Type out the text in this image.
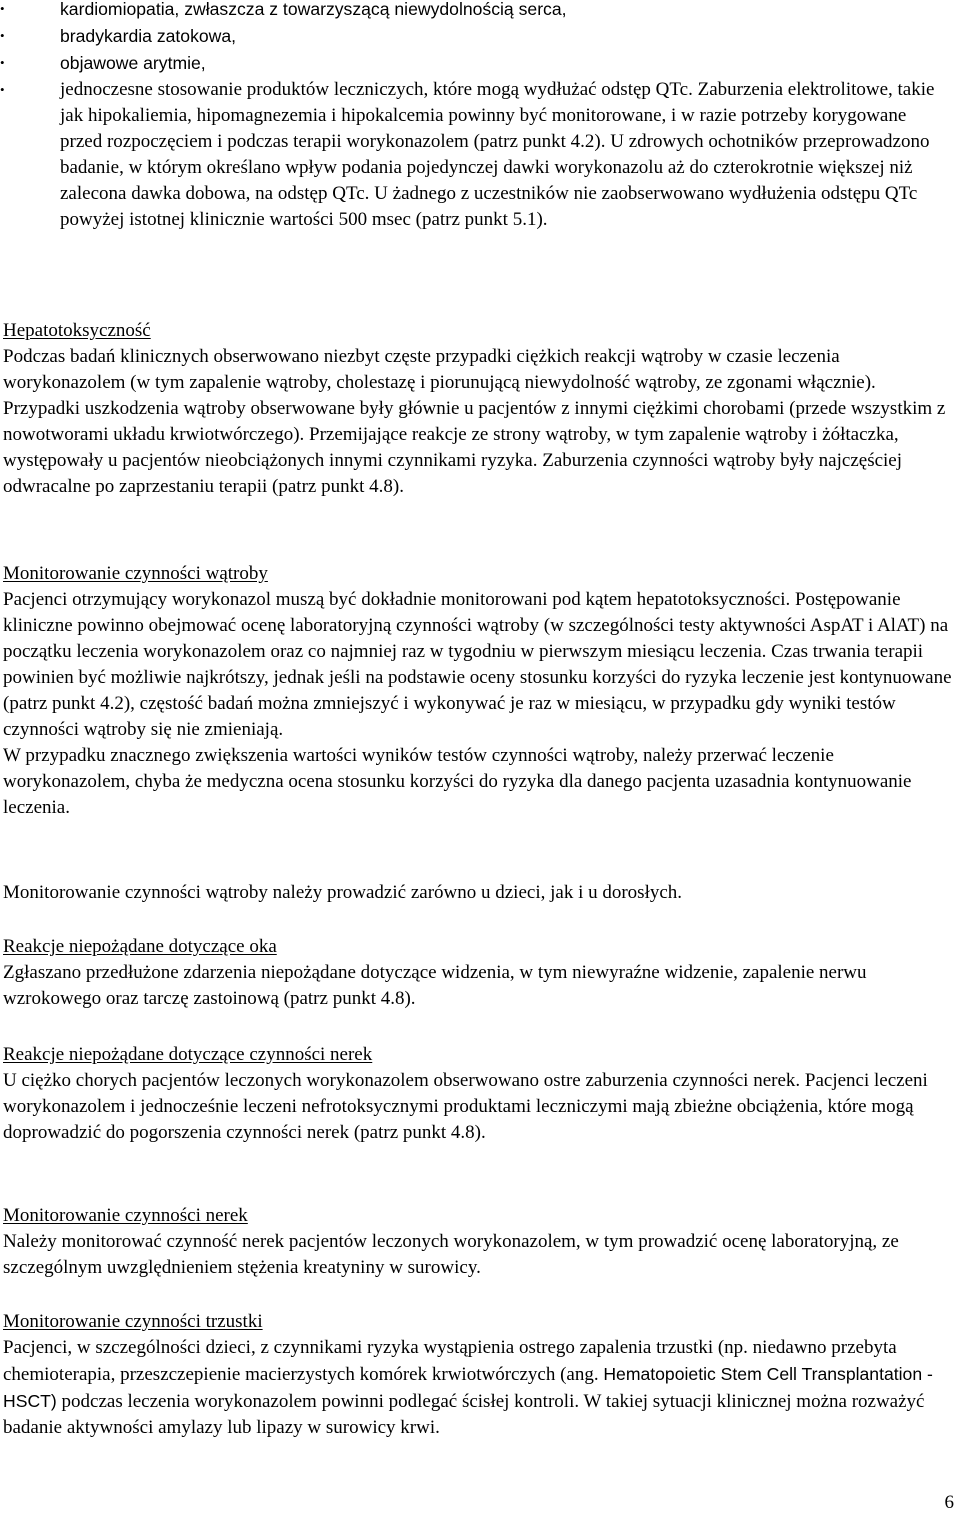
• kardiomiopatia, zwłaszcza z towarzyszącą niewydolnością serca,
• bradykardia zatokowa,
• objawowe arytmie,
• jednoczesne stosowanie produktów leczniczych, które mogą wydłużać odstęp QTc. Zaburzenia elektrolitowe, takie jak hipokaliemia, hipomagnezemia i hipokalcemia powinny być monitorowane, i w razie potrzeby korygowane przed rozpoczęciem i podczas terapii worykonazolem (patrz punkt 4.2). U zdrowych ochotników przeprowadzono badanie, w którym określano wpływ podania pojedynczej dawki worykonazolu aż do czterokrotnie większej niż zalecona dawka dobowa, na odstęp QTc. U żadnego z uczestników nie zaobserwowano wydłużenia odstępu QTc powyżej istotnej klinicznie wartości 500 msec (patrz punkt 5.1).
Hepatotoksyczność

Podczas badań klinicznych obserwowano niezbyt częste przypadki ciężkich reakcji wątroby w czasie leczenia worykonazolem (w tym zapalenie wątroby, cholestazę i piorunującą niewydolność wątroby, ze zgonami włącznie). Przypadki uszkodzenia wątroby obserwowane były głównie u pacjentów z innymi ciężkimi chorobami (przede wszystkim z nowotworami układu krwiotwórczego). Przemijające reakcje ze strony wątroby, w tym zapalenie wątroby i żółtaczka, występowały u pacjentów nieobciążonych innymi czynnikami ryzyka. Zaburzenia czynności wątroby były najczęściej odwracalne po zaprzestaniu terapii (patrz punkt 4.8).

Monitorowanie czynności wątroby

Pacjenci otrzymujący worykonazol muszą być dokładnie monitorowani pod kątem hepatotoksyczności. Postępowanie kliniczne powinno obejmować ocenę laboratoryjną czynności wątroby (w szczególności testy aktywności AspAT i AlAT) na początku leczenia worykonazolem oraz co najmniej raz w tygodniu w pierwszym miesiącu leczenia. Czas trwania terapii powinien być możliwie najkrótszy, jednak jeśli na podstawie oceny stosunku korzyści do ryzyka leczenie jest kontynuowane (patrz punkt 4.2), częstość badań można zmniejszyć i wykonywać je raz w miesiącu, w przypadku gdy wyniki testów czynności wątroby się nie zmieniają.

W przypadku znacznego zwiększenia wartości wyników testów czynności wątroby, należy przerwać leczenie worykonazolem, chyba że medyczna ocena stosunku korzyści do ryzyka dla danego pacjenta uzasadnia kontynuowanie leczenia.

Monitorowanie czynności wątroby należy prowadzić zarówno u dzieci, jak i u dorosłych.

Reakcje niepożądane dotyczące oka

Zgłaszano przedłużone zdarzenia niepożądane dotyczące widzenia, w tym niewyraźne widzenie, zapalenie nerwu wzrokowego oraz tarczę zastoinową (patrz punkt 4.8).

Reakcje niepożądane dotyczące czynności nerek

U ciężko chorych pacjentów leczonych worykonazolem obserwowano ostre zaburzenia czynności nerek. Pacjenci leczeni worykonazolem i jednocześnie leczeni nefrotoksycznymi produktami leczniczymi mają zbieżne obciążenia, które mogą doprowadzić do pogorszenia czynności nerek (patrz punkt 4.8).

Monitorowanie czynności nerek

Należy monitorować czynność nerek pacjentów leczonych worykonazolem, w tym prowadzić ocenę laboratoryjną, ze szczególnym uwzględnieniem stężenia kreatyniny w surowicy.

Monitorowanie czynności trzustki

Pacjenci, w szczególności dzieci, z czynnikami ryzyka wystąpienia ostrego zapalenia trzustki (np. niedawno przebyta chemioterapia, przeszczepienie macierzystych komórek krwiotwórczych (ang. Hematopoietic Stem Cell Transplantation - HSCT) podczas leczenia worykonazolem powinni podlegać ścisłej kontroli. W takiej sytuacji klinicznej można rozważyć badanie aktywności amylazy lub lipazy w surowicy krwi.

6
